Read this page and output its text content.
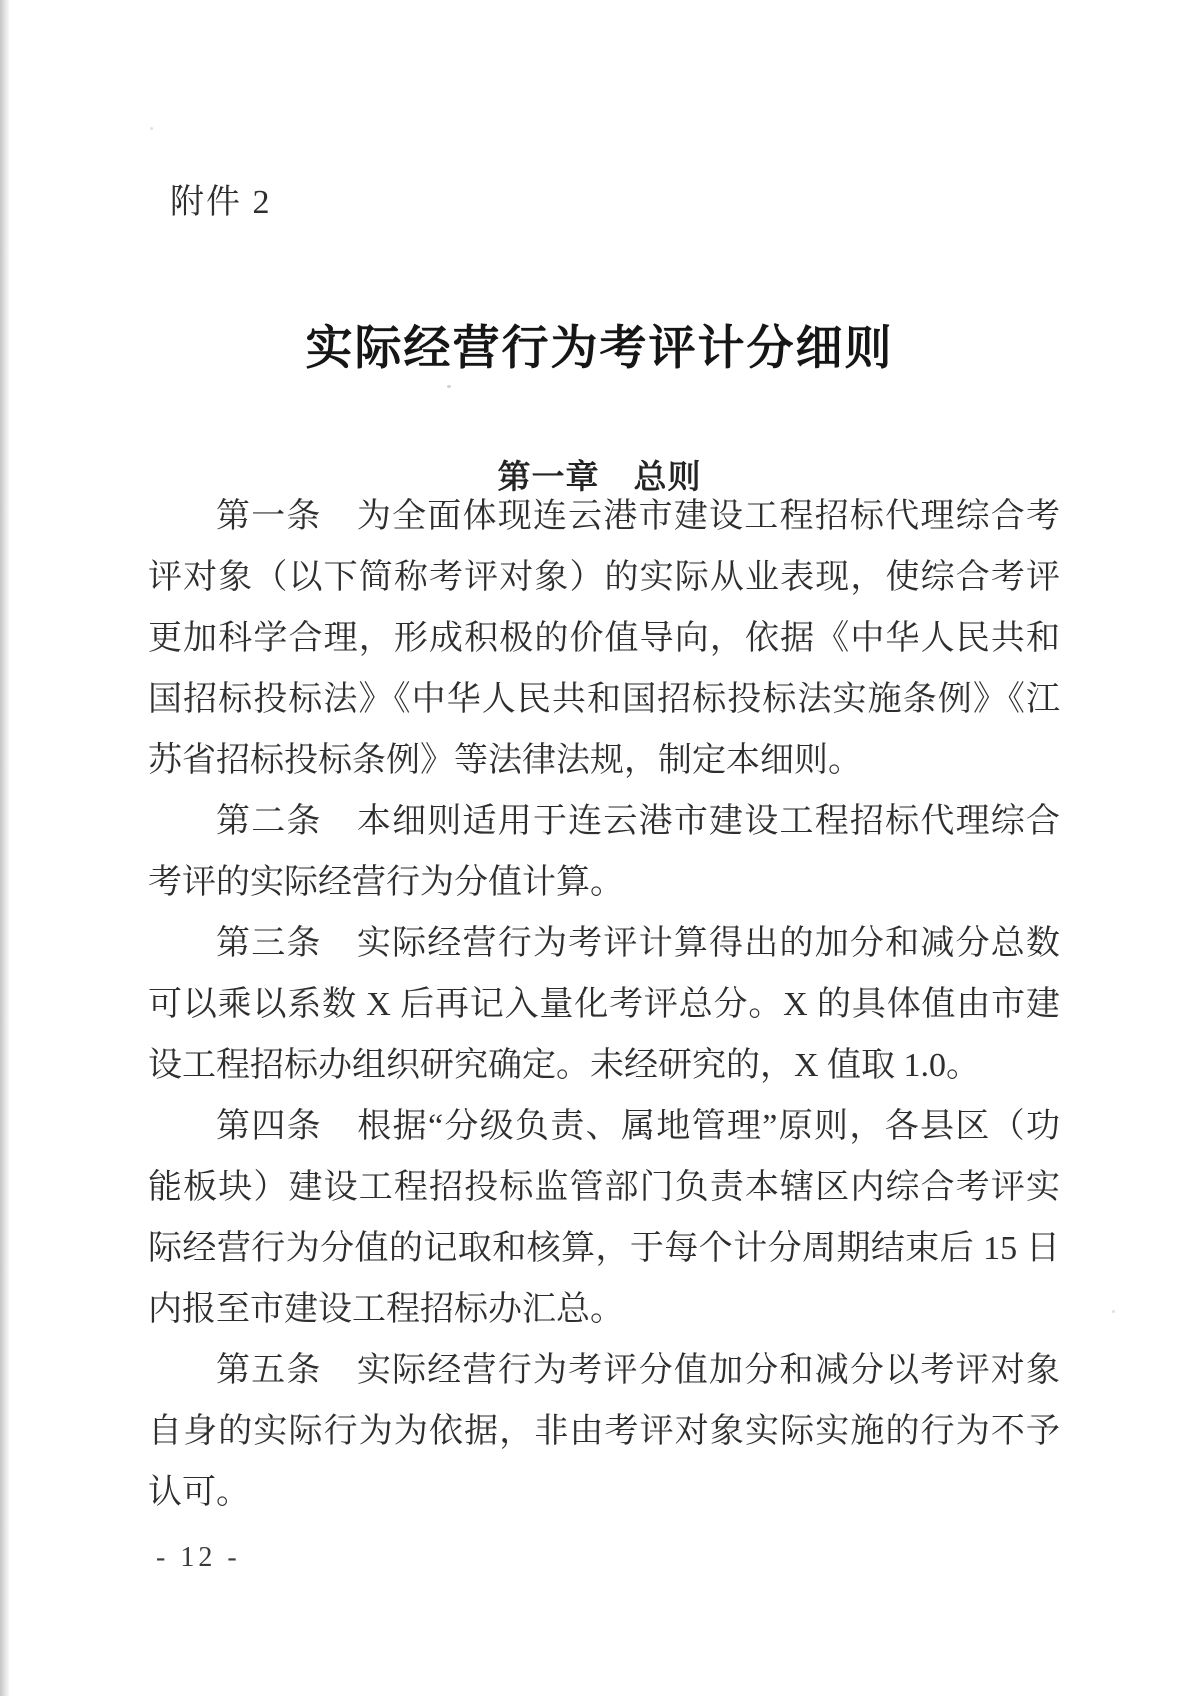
附件 2
实际经营行为考评计分细则
第一章　总则

第一条　为全面体现连云港市建设工程招标代理综合考评对象（以下简称考评对象）的实际从业表现，使综合考评更加科学合理，形成积极的价值导向，依据《中华人民共和国招标投标法》《中华人民共和国招标投标法实施条例》《江苏省招标投标条例》等法律法规，制定本细则。

第二条　本细则适用于连云港市建设工程招标代理综合考评的实际经营行为分值计算。

第三条　实际经营行为考评计算得出的加分和减分总数可以乘以系数 X 后再记入量化考评总分。X 的具体值由市建设工程招标办组织研究确定。未经研究的，X 值取 1.0。

第四条　根据“分级负责、属地管理”原则，各县区（功能板块）建设工程招投标监管部门负责本辖区内综合考评实际经营行为分值的记取和核算，于每个计分周期结束后 15 日内报至市建设工程招标办汇总。

第五条　实际经营行为考评分值加分和减分以考评对象自身的实际行为为依据，非由考评对象实际实施的行为不予认可。

- 12 -
